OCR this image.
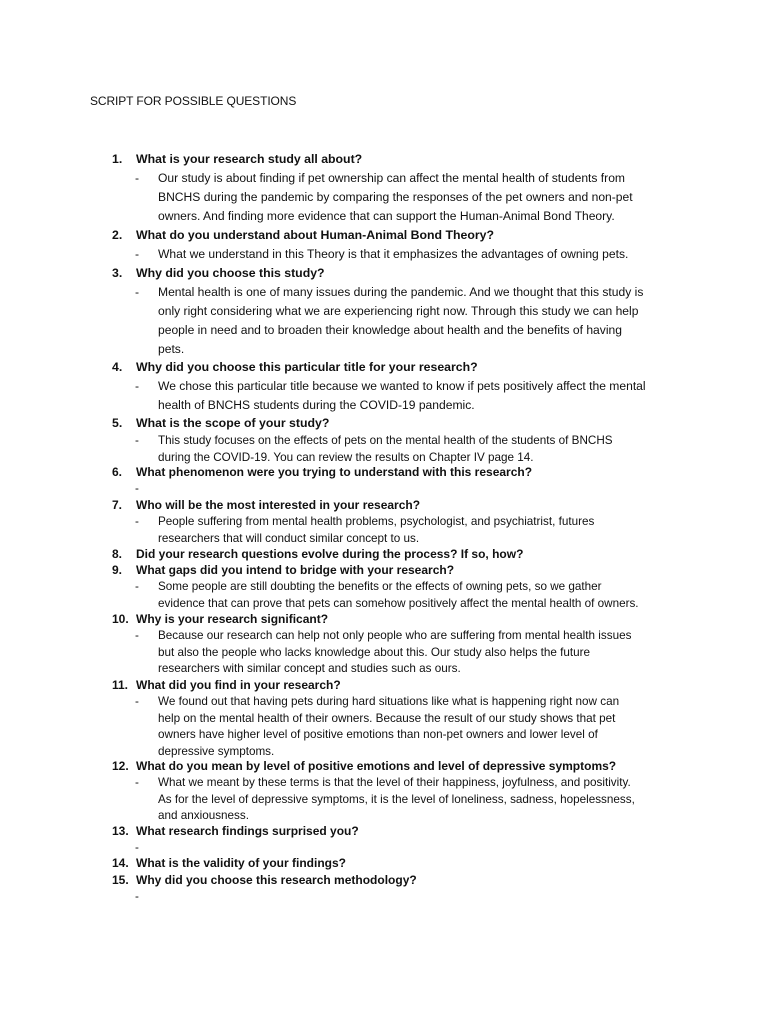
SCRIPT FOR POSSIBLE QUESTIONS
1. What is your research study all about?
- Our study is about finding if pet ownership can affect the mental health of students from
BNCHS during the pandemic by comparing the responses of the pet owners and non-pet
owners. And finding more evidence that can support the Human-Animal Bond Theory.
2. What do you understand about Human-Animal Bond Theory?
- What we understand in this Theory is that it emphasizes the advantages of owning pets.
3. Why did you choose this study?
- Mental health is one of many issues during the pandemic. And we thought that this study is
only right considering what we are experiencing right now. Through this study we can help
people in need and to broaden their knowledge about health and the benefits of having
pets.
4. Why did you choose this particular title for your research?
- We chose this particular title because we wanted to know if pets positively affect the mental
health of BNCHS students during the COVID-19 pandemic.
5. What is the scope of your study?
- This study focuses on the effects of pets on the mental health of the students of BNCHS
during the COVID-19. You can review the results on Chapter IV page 14.
6. What phenomenon were you trying to understand with this research?
-
7. Who will be the most interested in your research?
- People suffering from mental health problems, psychologist, and psychiatrist, futures
researchers that will conduct similar concept to us.
8. Did your research questions evolve during the process? If so, how?
9. What gaps did you intend to bridge with your research?
- Some people are still doubting the benefits or the effects of owning pets, so we gather
evidence that can prove that pets can somehow positively affect the mental health of owners.
10. Why is your research significant?
- Because our research can help not only people who are suffering from mental health issues
but also the people who lacks knowledge about this. Our study also helps the future
researchers with similar concept and studies such as ours.
11. What did you find in your research?
- We found out that having pets during hard situations like what is happening right now can
help on the mental health of their owners. Because the result of our study shows that pet
owners have higher level of positive emotions than non-pet owners and lower level of
depressive symptoms.
12. What do you mean by level of positive emotions and level of depressive symptoms?
- What we meant by these terms is that the level of their happiness, joyfulness, and positivity.
As for the level of depressive symptoms, it is the level of loneliness, sadness, hopelessness,
and anxiousness.
13. What research findings surprised you?
-
14. What is the validity of your findings?
15. Why did you choose this research methodology?
-
